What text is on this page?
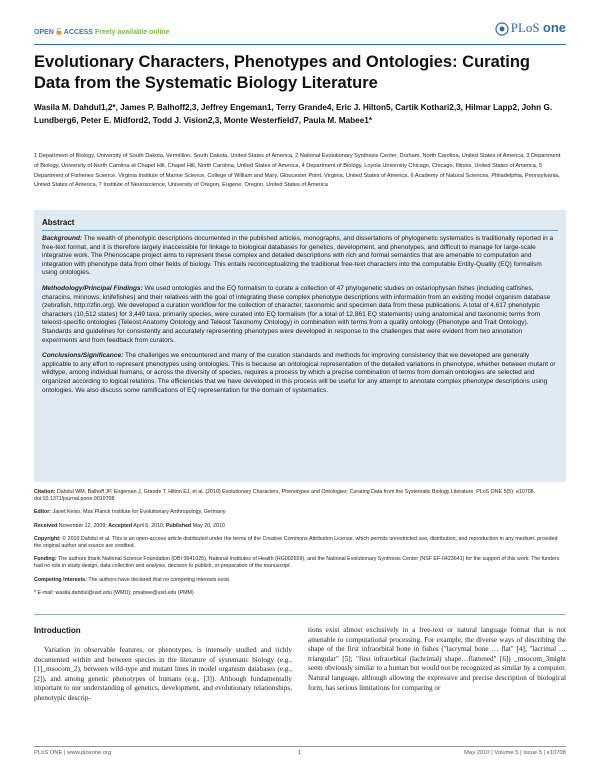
OPEN ACCESS Freely available online	PLoS one
Evolutionary Characters, Phenotypes and Ontologies: Curating Data from the Systematic Biology Literature
Wasila M. Dahdul1,2*, James P. Balhoff2,3, Jeffrey Engeman1, Terry Grande4, Eric J. Hilton5, Cartik Kothari2,3, Hilmar Lapp2, John G. Lundberg6, Peter E. Midford2, Todd J. Vision2,3, Monte Westerfield7, Paula M. Mabee1*
1 Department of Biology, University of South Dakota, Vermillion, South Dakota, United States of America, 2 National Evolutionary Synthesis Center, Durham, North Carolina, United States of America, 3 Department of Biology, University of North Carolina at Chapel Hill, Chapel Hill, North Carolina, United States of America, 4 Department of Biology, Loyola University Chicago, Chicago, Illinois, United States of America, 5 Department of Fisheries Science, Virginia Institute of Marine Science, College of William and Mary, Gloucester Point, Virginia, United States of America, 6 Academy of Natural Sciences, Philadelphia, Pennsylvania, United States of America, 7 Institute of Neuroscience, University of Oregon, Eugene, Oregon, United States of America
Abstract

Background: The wealth of phenotypic descriptions documented in the published articles, monographs, and dissertations of phylogenetic systematics is traditionally reported in a free-text format, and it is therefore largely inaccessible for linkage to biological databases for genetics, development, and phenotypes, and difficult to manage for large-scale integrative work. The Phenoscape project aims to represent these complex and detailed descriptions with rich and formal semantics that are amenable to computation and integration with phenotype data from other fields of biology. This entails reconceptualizing the traditional free-text characters into the computable Entity-Quality (EQ) formalism using ontologies.

Methodology/Principal Findings: We used ontologies and the EQ formalism to curate a collection of 47 phylogenetic studies on ostariophysan fishes (including catfishes, characins, minnows, knifefishes) and their relatives with the goal of integrating these complex phenotype descriptions with information from an existing model organism database (zebrafish, http://zfin.org). We developed a curation workflow for the collection of character, taxonomic and specimen data from these publications. A total of 4,617 phenotypic characters (10,512 states) for 3,449 taxa, primarily species, were curated into EQ formalism (for a total of 12,861 EQ statements) using anatomical and taxonomic terms from teleost-specific ontologies (Teleost Anatomy Ontology and Teleost Taxonomy Ontology) in combination with terms from a quality ontology (Phenotype and Trait Ontology). Standards and guidelines for consistently and accurately representing phenotypes were developed in response to the challenges that were evident from two annotation experiments and from feedback from curators.

Conclusions/Significance: The challenges we encountered and many of the curation standards and methods for improving consistency that we developed are generally applicable to any effort to represent phenotypes using ontologies. This is because an ontological representation of the detailed variations in phenotype, whether between mutant or wildtype, among individual humans, or across the diversity of species, requires a process by which a precise combination of terms from domain ontologies are selected and organized according to logical relations. The efficiencies that we have developed in this process will be useful for any attempt to annotate complex phenotype descriptions using ontologies. We also discuss some ramifications of EQ representation for the domain of systematics.

Citation: Dahdul WM, Balhoff JP, Engeman J, Grande T, Hilton EJ, et al. (2010) Evolutionary Characters, Phenotypes and Ontologies: Curating Data from the Systematic Biology Literature. PLoS ONE 5(5): e10708. doi:10.1371/journal.pone.0010708

Editor: Janet Kelso, Max Planck Institute for Evolutionary Anthropology, Germany

Received November 12, 2009; Accepted April 6, 2010; Published May 20, 2010

Copyright: © 2010 Dahdul et al. This is an open-access article distributed under the terms of the Creative Commons Attribution License, which permits unrestricted use, distribution, and reproduction in any medium, provided the original author and source are credited.

Funding: The authors thank National Science Foundation (DBI 0641025), National Institutes of Health (HG002659), and the National Evolutionary Synthesis Center (NSF EF-0423641) for the support of this work. The funders had no role in study design, data collection and analysis, decision to publish, or preparation of the manuscript.

Competing Interests: The authors have declared that no competing interests exist.

* E-mail: wasila.dahdul@usd.edu (WMD); pmabee@usd.edu (PMM)

Introduction

Variation in observable features, or phenotypes, is intensely studied and richly documented within and between species in the literature of systematic biology (e.g., [1]_msocom_2), between wild-type and mutant lines in model organism databases (e.g., [2]), and among genetic phenotypes of humans (e.g., [3]). Although fundamentally important to our understanding of genetics, development, and evolutionary relationships, phenotypic descrip-

tions exist almost exclusively in a free-text or natural language format that is not amenable to computational processing. For example, the diverse ways of describing the shape of the first infraorbital bone in fishes ("lacrymal bone … flat" [4]; "lacrimal … triangular" [5]; "first infraorbital (lachrimal) shape…flattened" [6]) _msocom_3might seem obviously similar to a human but would not be recognized as similar by a computer. Natural language, although allowing the expressive and precise description of biological form, has serious limitations for comparing or

PLoS ONE | www.plosone.org	1	May 2010 | Volume 5 | Issue 5 | e10708
